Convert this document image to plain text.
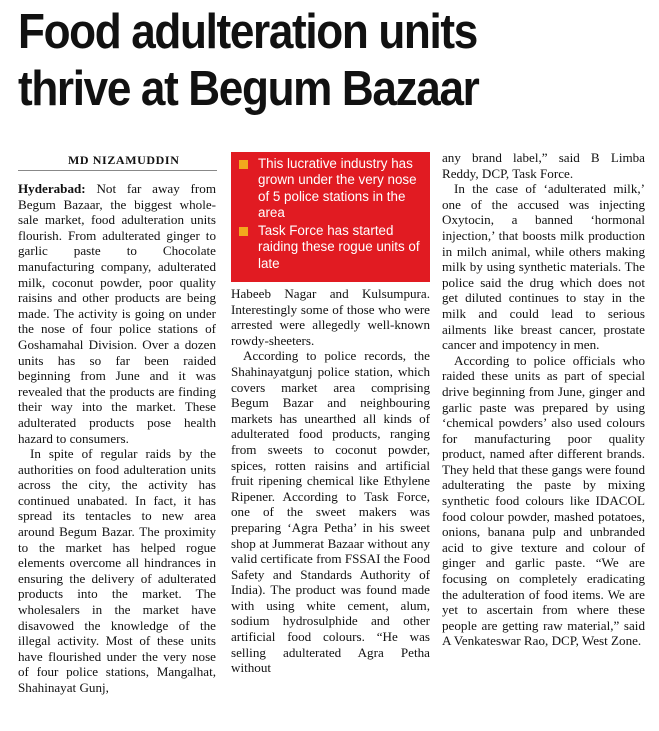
Food adulteration units thrive at Begum Bazaar
MD NIZAMUDDIN	This lucrative industry has grown under the very nose of 5 police stations in the area
Task Force has started raiding these rogue units of late

Hyderabad: Not far away from Begum Bazaar, the biggest whole-sale market, food adulteration units flourish. From adulterated ginger to garlic paste to Chocolate manufacturing company, adulterated milk, coconut powder, poor quality raisins and other products are being made. The activity is going on under the nose of four police stations of Goshamahal Division. Over a dozen units has so far been raided beginning from June and it was revealed that the products are finding their way into the market. These adulterated products pose health hazard to consumers.

In spite of regular raids by the authorities on food adulteration units across the city, the activity has continued unabated. In fact, it has spread its tentacles to new area around Begum Bazar. The proximity to the market has helped rogue elements overcome all hindrances in ensuring the delivery of adulterated products into the market. The wholesalers in the market have disavowed the knowledge of the illegal activity. Most of these units have flourished under the very nose of four police stations, Mangalhat, Shahinayat Gunj,

Habeeb Nagar and Kulsumpura. Interestingly some of those who were arrested were allegedly well-known rowdy-sheeters.

According to police records, the Shahinayatgunj police station, which covers market area comprising Begum Bazar and neighbouring markets has unearthed all kinds of adulterated food products, ranging from sweets to coconut powder, spices, rotten raisins and artificial fruit ripening chemical like Ethylene Ripener. According to Task Force, one of the sweet makers was preparing ‘Agra Petha’ in his sweet shop at Jummerat Bazaar without any valid certificate from FSSAI the Food Safety and Standards Authority of India). The product was found made with using white cement, alum, sodium hydrosulphide and other artificial food colours. “He was selling adulterated Agra Petha without

any brand label,” said B Limba Reddy, DCP, Task Force.

In the case of ‘adulterated milk,’ one of the accused was injecting Oxytocin, a banned ‘hormonal injection,’ that boosts milk production in milch animal, while others making milk by using synthetic materials. The police said the drug which does not get diluted continues to stay in the milk and could lead to serious ailments like breast cancer, prostate cancer and impotency in men.

According to police officials who raided these units as part of special drive beginning from June, ginger and garlic paste was prepared by using ‘chemical powders’ also used colours for manufacturing poor quality product, named after different brands. They held that these gangs were found adulterating the paste by mixing synthetic food colours like IDACOL food colour powder, mashed potatoes, onions, banana pulp and unbranded acid to give texture and colour of ginger and garlic paste. “We are focusing on completely eradicating the adulteration of food items. We are yet to ascertain from where these people are getting raw material,” said A Venkateswar Rao, DCP, West Zone.
